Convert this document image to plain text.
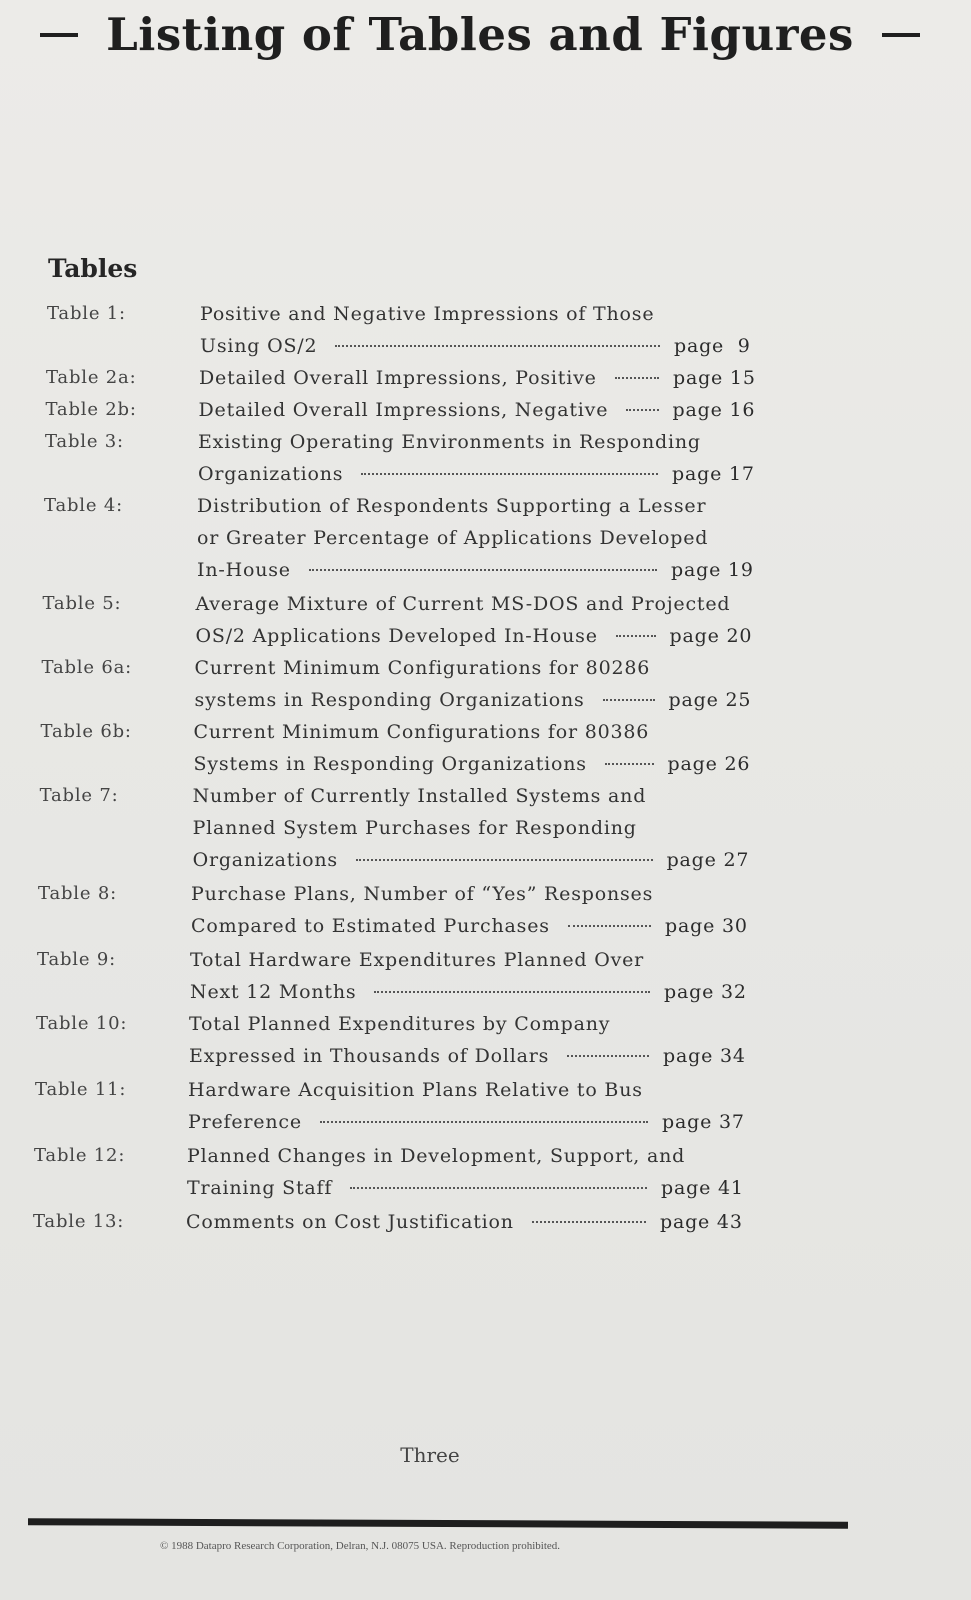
Listing of Tables and Figures
Tables
Table 1:	Positive and Negative Impressions of Those
Using OS/2	page  9
Table 2a:	Detailed Overall Impressions, Positive	page 15
Table 2b:	Detailed Overall Impressions, Negative	page 16
Table 3:	Existing Operating Environments in Responding
Organizations	page 17
Table 4:	Distribution of Respondents Supporting a Lesser
or Greater Percentage of Applications Developed
In-House	page 19
Table 5:	Average Mixture of Current MS-DOS and Projected
OS/2 Applications Developed In-House	page 20
Table 6a:	Current Minimum Configurations for 80286
systems in Responding Organizations	page 25
Table 6b:	Current Minimum Configurations for 80386
Systems in Responding Organizations	page 26
Table 7:	Number of Currently Installed Systems and
Planned System Purchases for Responding
Organizations	page 27
Table 8:	Purchase Plans, Number of “Yes” Responses
Compared to Estimated Purchases	page 30
Table 9:	Total Hardware Expenditures Planned Over
Next 12 Months	page 32
Table 10:	Total Planned Expenditures by Company
Expressed in Thousands of Dollars	page 34
Table 11:	Hardware Acquisition Plans Relative to Bus
Preference	page 37
Table 12:	Planned Changes in Development, Support, and
Training Staff	page 41
Table 13:	Comments on Cost Justification	page 43
Three
© 1988 Datapro Research Corporation, Delran, N.J. 08075 USA. Reproduction prohibited.
